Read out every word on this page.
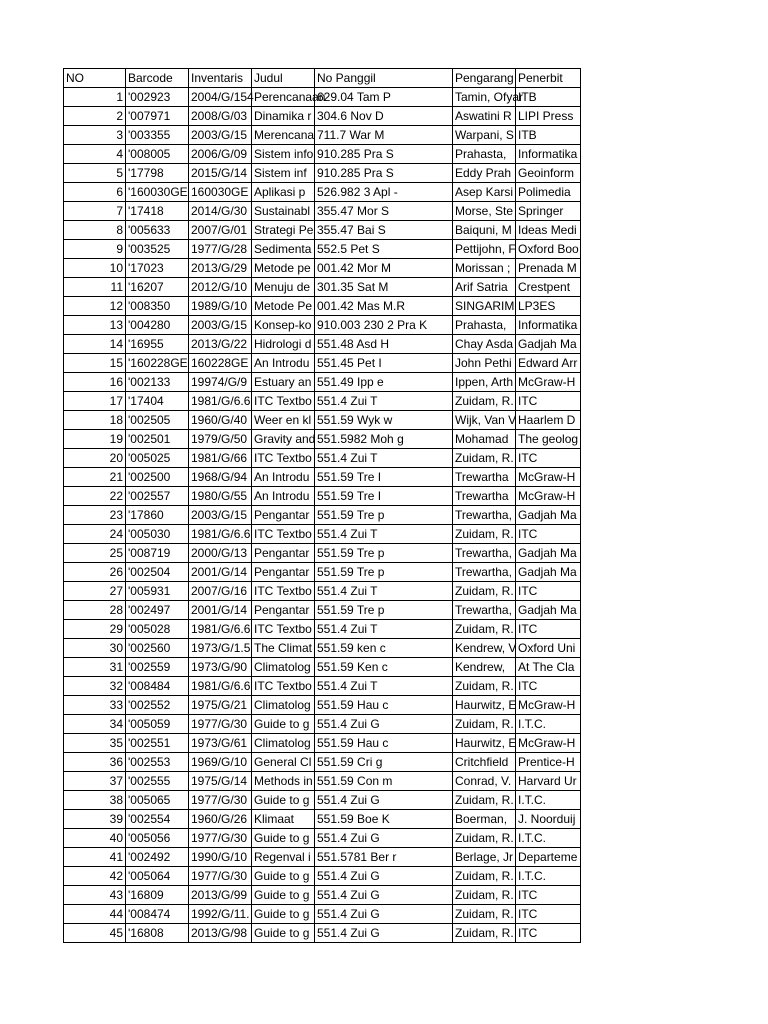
NO	Barcode	Inventaris	Judul	No Panggil	Pengarang	Penerbit
1	'002923	2004/G/154	Perencanaan	629.04 Tam P	Tamin, Ofyar	ITB
2	'007971	2008/G/03	Dinamika r	304.6 Nov D	Aswatini R	LIPI Press
3	'003355	2003/G/15	Merencana	711.7 War M	Warpani, S	ITB
4	'008005	2006/G/09	Sistem info	910.285 Pra S	Prahasta,	Informatika
5	'17798	2015/G/14	Sistem inf	910.285 Pra S	Eddy Prah	Geoinform
6	'160030GE	160030GE	Aplikasi p	526.982 3 Apl -	Asep Karsi	Polimedia
7	'17418	2014/G/30	Sustainabl	355.47 Mor S	Morse, Ste	Springer
8	'005633	2007/G/01	Strategi Pe	355.47 Bai S	Baiquni, M	Ideas Medi
9	'003525	1977/G/28	Sedimenta	552.5 Pet S	Pettijohn, F	Oxford Boo
10	'17023	2013/G/29	Metode pe	001.42 Mor M	Morissan ;	Prenada M
11	'16207	2012/G/10	Menuju de	301.35 Sat M	Arif Satria	Crestpent
12	'008350	1989/G/10	Metode Pe	001.42 Mas M.R	SINGARIM	LP3ES
13	'004280	2003/G/15	Konsep-ko	910.003 230 2 Pra K	Prahasta,	Informatika
14	'16955	2013/G/22	Hidrologi d	551.48 Asd H	Chay Asda	Gadjah Ma
15	'160228GE	160228GE	An Introdu	551.45 Pet I	John Pethi	Edward Arr
16	'002133	19974/G/9	Estuary an	551.49 Ipp e	Ippen, Arth	McGraw-H
17	'17404	1981/G/6.6	ITC Textbo	551.4 Zui T	Zuidam, R.	ITC
18	'002505	1960/G/40	Weer en kl	551.59 Wyk w	Wijk, Van V	Haarlem D
19	'002501	1979/G/50	Gravity and	551.5982 Moh g	Mohamad	The geolog
20	'005025	1981/G/66	ITC Textbo	551.4 Zui T	Zuidam, R.	ITC
21	'002500	1968/G/94	An Introdu	551.59 Tre I	Trewartha	McGraw-H
22	'002557	1980/G/55	An Introdu	551.59 Tre I	Trewartha	McGraw-H
23	'17860	2003/G/15	Pengantar	551.59 Tre p	Trewartha,	Gadjah Ma
24	'005030	1981/G/6.6	ITC Textbo	551.4 Zui T	Zuidam, R.	ITC
25	'008719	2000/G/13	Pengantar	551.59 Tre p	Trewartha,	Gadjah Ma
26	'002504	2001/G/14	Pengantar	551.59 Tre p	Trewartha,	Gadjah Ma
27	'005931	2007/G/16	ITC Textbo	551.4 Zui T	Zuidam, R.	ITC
28	'002497	2001/G/14	Pengantar	551.59 Tre p	Trewartha,	Gadjah Ma
29	'005028	1981/G/6.6	ITC Textbo	551.4 Zui T	Zuidam, R.	ITC
30	'002560	1973/G/1.5	The Climat	551.59 ken c	Kendrew, V	Oxford Uni
31	'002559	1973/G/90	Climatolog	551.59 Ken c	Kendrew,	At The Cla
32	'008484	1981/G/6.6	ITC Textbo	551.4 Zui T	Zuidam, R.	ITC
33	'002552	1975/G/21	Climatolog	551.59 Hau c	Haurwitz, E	McGraw-H
34	'005059	1977/G/30	Guide to g	551.4 Zui G	Zuidam, R.	I.T.C.
35	'002551	1973/G/61	Climatolog	551.59 Hau c	Haurwitz, E	McGraw-H
36	'002553	1969/G/10	General Cl	551.59 Cri g	Critchfield	Prentice-H
37	'002555	1975/G/14	Methods in	551.59 Con m	Conrad, V.	Harvard Ur
38	'005065	1977/G/30	Guide to g	551.4 Zui G	Zuidam, R.	I.T.C.
39	'002554	1960/G/26	Klimaat	551.59 Boe K	Boerman,	J. Noorduij
40	'005056	1977/G/30	Guide to g	551.4 Zui G	Zuidam, R.	I.T.C.
41	'002492	1990/G/10	Regenval i	551.5781 Ber r	Berlage, Jr	Departeme
42	'005064	1977/G/30	Guide to g	551.4 Zui G	Zuidam, R.	I.T.C.
43	'16809	2013/G/99	Guide to g	551.4 Zui G	Zuidam, R.	ITC
44	'008474	1992/G/11.	Guide to g	551.4 Zui G	Zuidam, R.	ITC
45	'16808	2013/G/98	Guide to g	551.4 Zui G	Zuidam, R.	ITC
